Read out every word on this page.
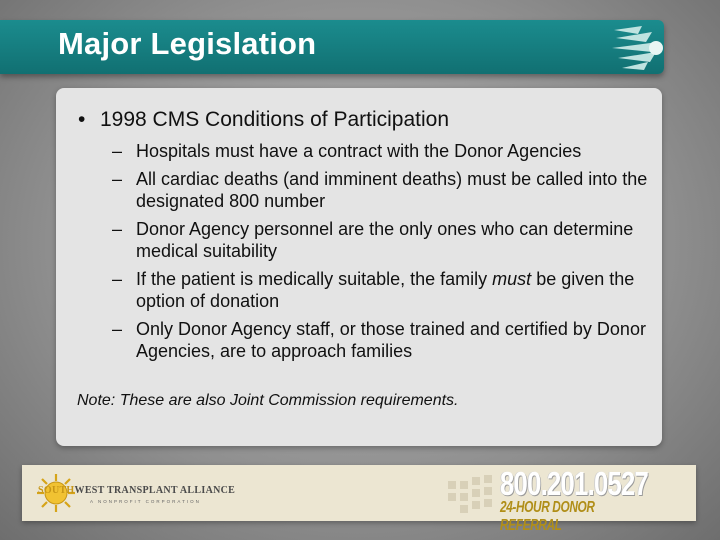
Major Legislation
• 1998 CMS Conditions of Participation
– Hospitals must have a contract with the Donor Agencies
– All cardiac deaths (and imminent deaths) must be called into the designated 800 number
– Donor Agency personnel are the only ones who can determine medical suitability
– If the patient is medically suitable, the family must be given the option of donation
– Only Donor Agency staff, or those trained and certified by Donor Agencies, are to approach families
Note: These are also Joint Commission requirements.
SOUTHWEST TRANSPLANT ALLIANCE
A NONPROFIT CORPORATION	800.201.0527
24-HOUR DONOR REFERRAL
